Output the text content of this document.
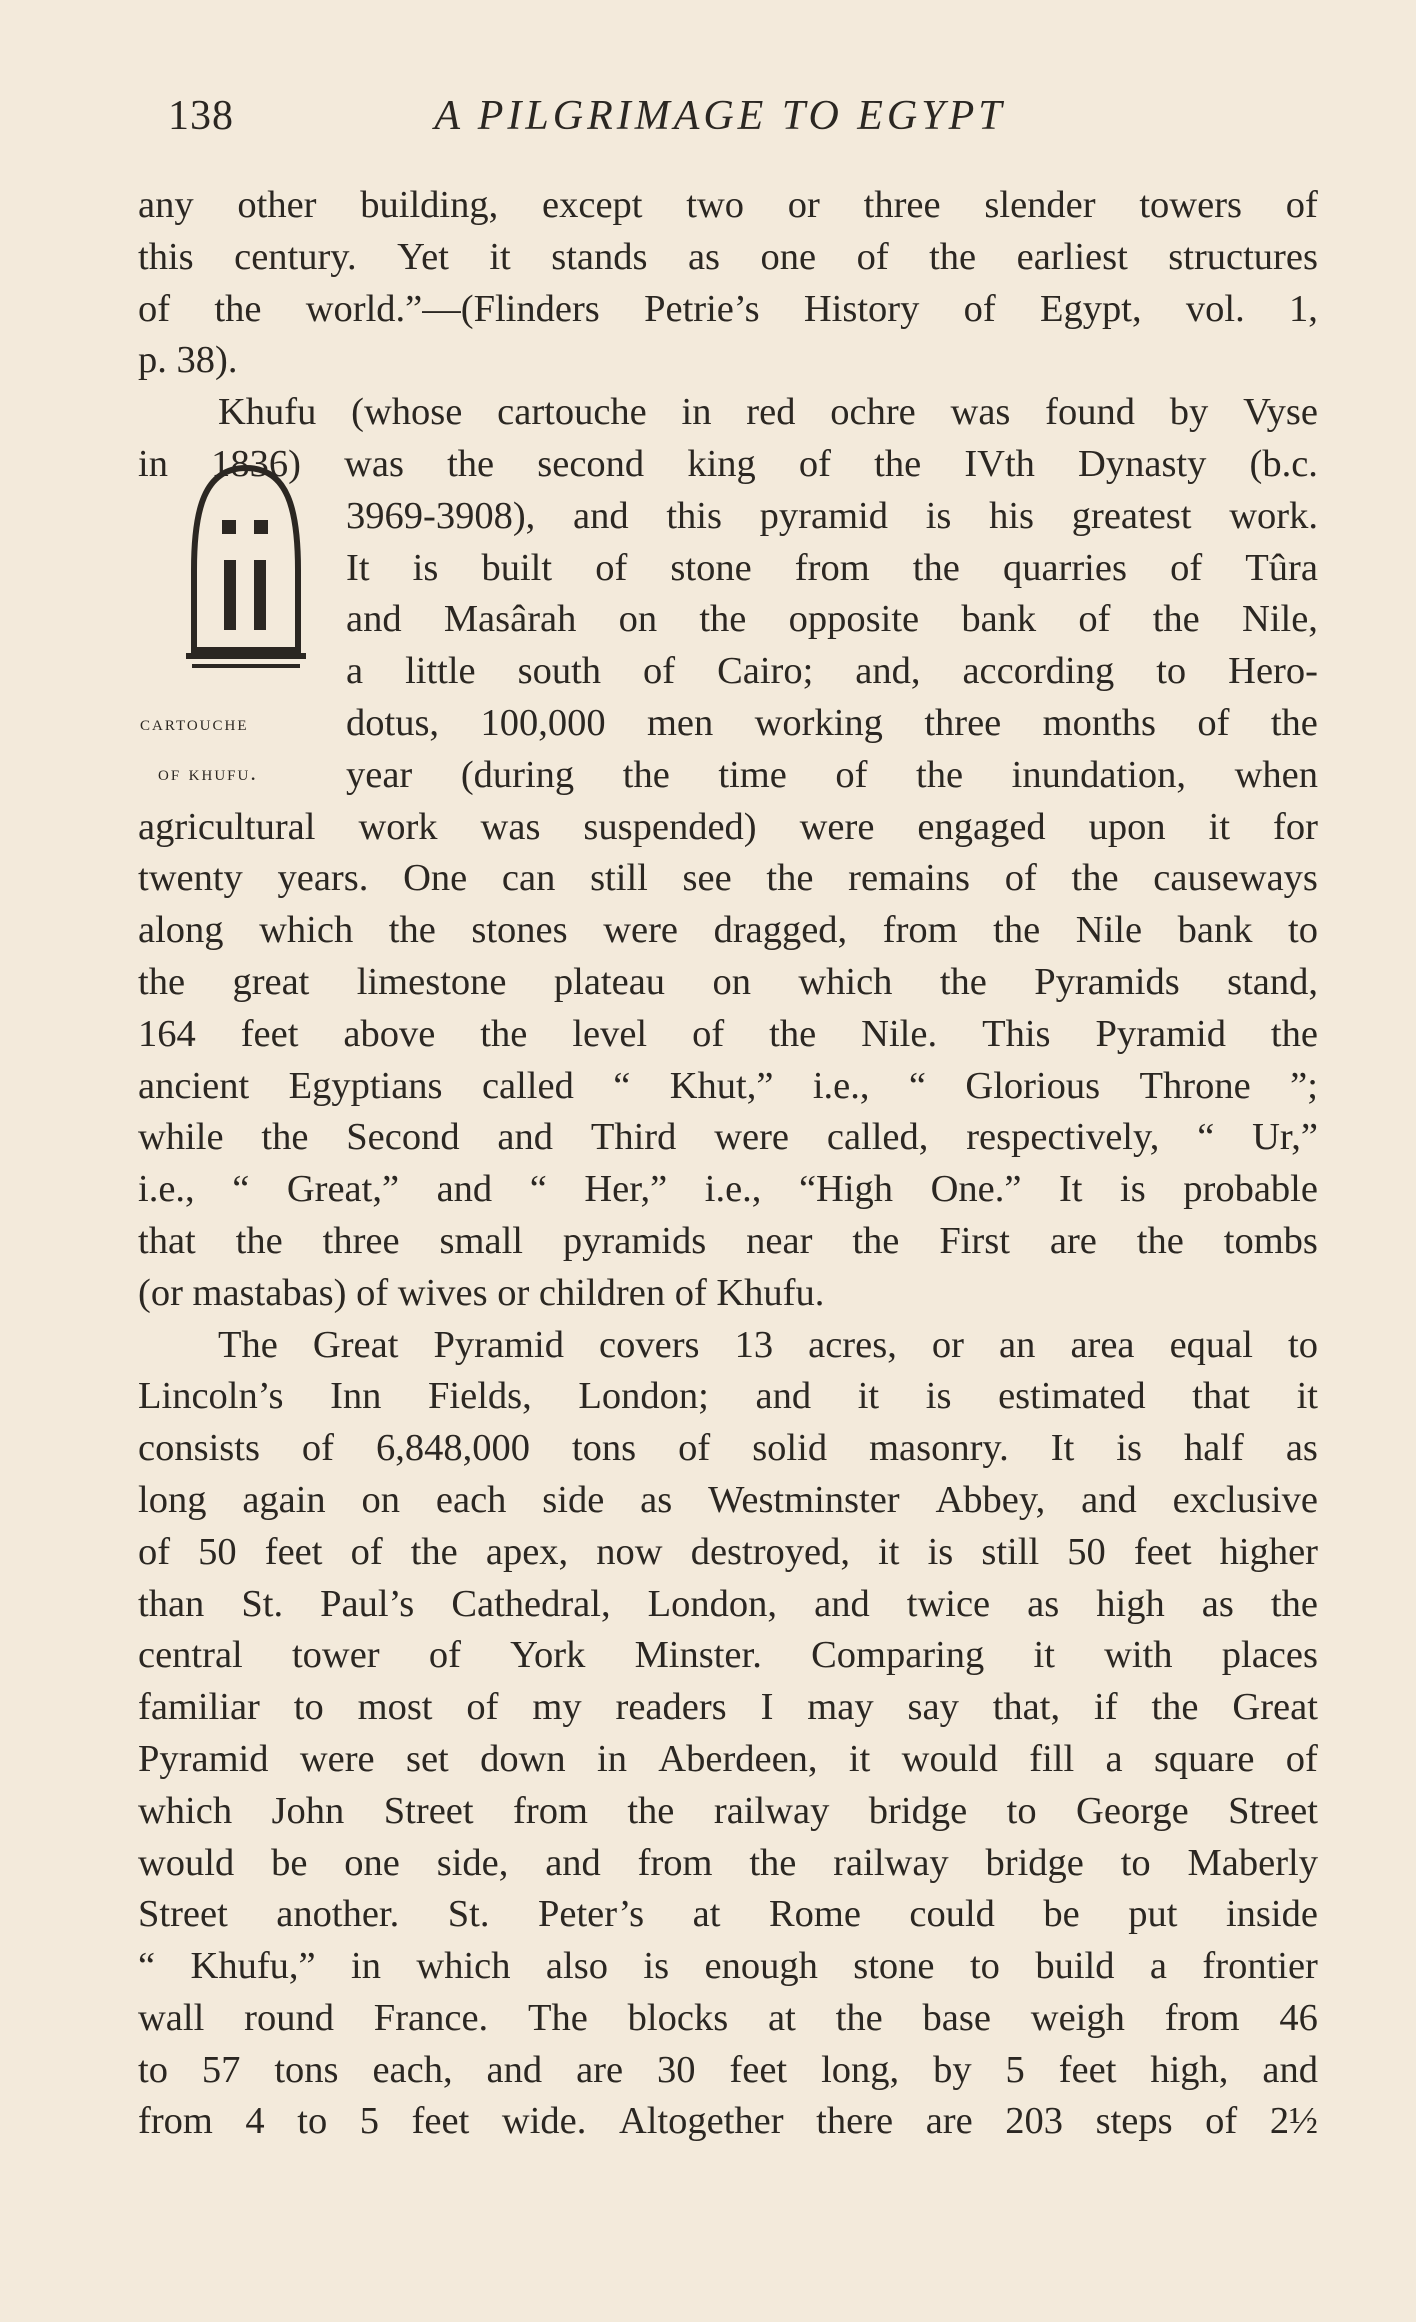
138	A PILGRIMAGE TO EGYPT
any other building, except two or three slender towers of
this century. Yet it stands as one of the earliest structures
of the world.”—(Flinders Petrie’s History of Egypt, vol. 1,
p. 38).
Khufu (whose cartouche in red ochre was found by Vyse
in 1836) was the second king of the IVth Dynasty (b.c.
3969-3908), and this pyramid is his greatest work.
It is built of stone from the quarries of Tûra
and Masârah on the opposite bank of the Nile,
a little south of Cairo; and, according to Hero-
dotus, 100,000 men working three months of the
year (during the time of the inundation, when
agricultural work was suspended) were engaged upon it for
twenty years. One can still see the remains of the causeways
along which the stones were dragged, from the Nile bank to
the great limestone plateau on which the Pyramids stand,
164 feet above the level of the Nile. This Pyramid the
ancient Egyptians called “ Khut,” i.e., “ Glorious Throne ”;
while the Second and Third were called, respectively, “ Ur,”
i.e., “ Great,” and “ Her,” i.e., “High One.” It is probable
that the three small pyramids near the First are the tombs
(or mastabas) of wives or children of Khufu.
The Great Pyramid covers 13 acres, or an area equal to
Lincoln’s Inn Fields, London; and it is estimated that it
consists of 6,848,000 tons of solid masonry. It is half as
long again on each side as Westminster Abbey, and exclusive
of 50 feet of the apex, now destroyed, it is still 50 feet higher
than St. Paul’s Cathedral, London, and twice as high as the
central tower of York Minster. Comparing it with places
familiar to most of my readers I may say that, if the Great
Pyramid were set down in Aberdeen, it would fill a square of
which John Street from the railway bridge to George Street
would be one side, and from the railway bridge to Maberly
Street another. St. Peter’s at Rome could be put inside
“ Khufu,” in which also is enough stone to build a frontier
wall round France. The blocks at the base weigh from 46
to 57 tons each, and are 30 feet long, by 5 feet high, and
from 4 to 5 feet wide. Altogether there are 203 steps of 2½
cartouche
of khufu.
